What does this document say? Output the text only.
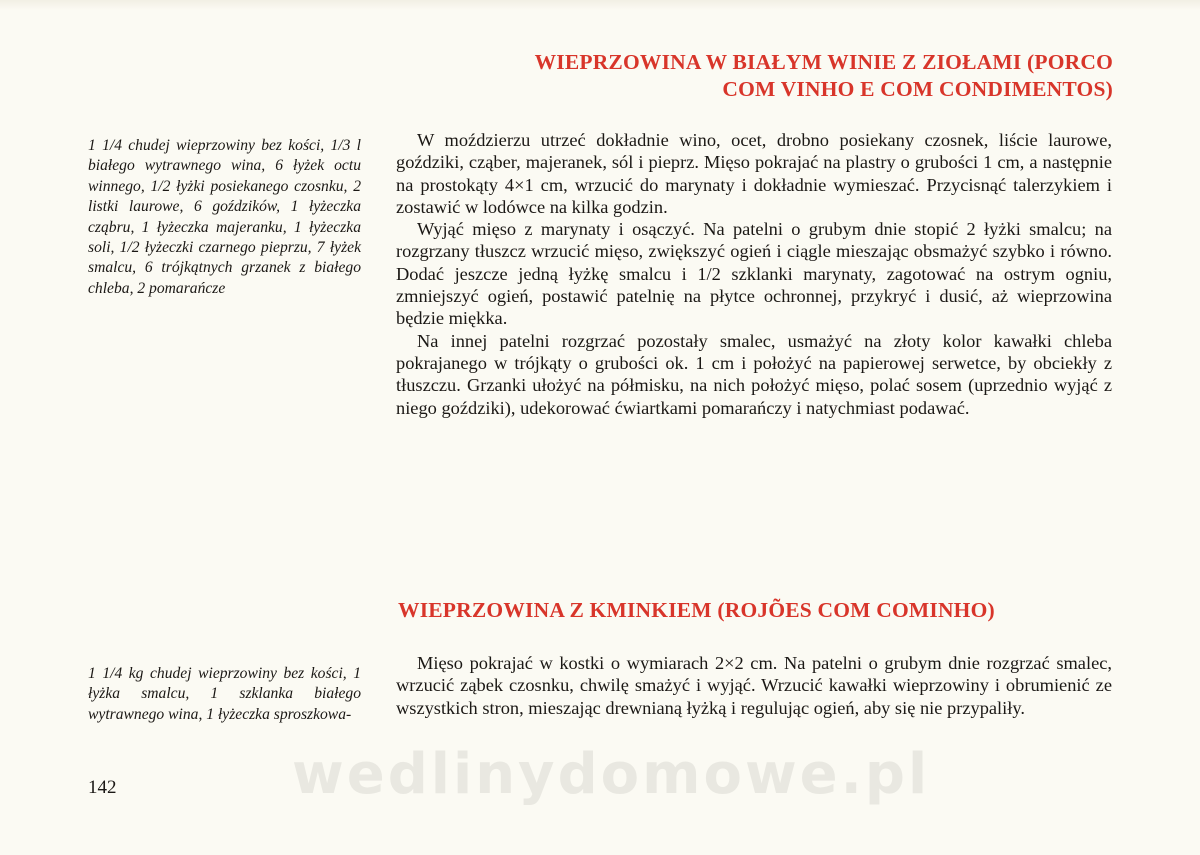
WIEPRZOWINA W BIAŁYM WINIE Z ZIOŁAMI (PORCO
COM VINHO E COM CONDIMENTOS)

1 1/4 chudej wieprzowiny bez kości, 1/3 l białego wytrawnego wina, 6 łyżek octu winnego, 1/2 łyżki posiekanego czosnku, 2 listki laurowe, 6 goździków, 1 łyżeczka cząbru, 1 łyżeczka majeranku, 1 łyżeczka soli, 1/2 łyżeczki czarnego pieprzu, 7 łyżek smalcu, 6 trójkątnych grzanek z białego chleba, 2 pomarańcze

W moździerzu utrzeć dokładnie wino, ocet, drobno posiekany czosnek, liście laurowe, goździki, cząber, majeranek, sól i pieprz. Mięso pokrajać na plastry o grubości 1 cm, a następnie na prostokąty 4×1 cm, wrzucić do marynaty i dokładnie wymieszać. Przycisnąć talerzykiem i zostawić w lodówce na kilka godzin.

Wyjąć mięso z marynaty i osączyć. Na patelni o grubym dnie stopić 2 łyżki smalcu; na rozgrzany tłuszcz wrzucić mięso, zwiększyć ogień i ciągle mieszając obsmażyć szybko i równo. Dodać jeszcze jedną łyżkę smalcu i 1/2 szklanki marynaty, zagotować na ostrym ogniu, zmniejszyć ogień, postawić patelnię na płytce ochronnej, przykryć i dusić, aż wieprzowina będzie miękka.

Na innej patelni rozgrzać pozostały smalec, usmażyć na złoty kolor kawałki chleba pokrajanego w trójkąty o grubości ok. 1 cm i położyć na papierowej serwetce, by obciekły z tłuszczu. Grzanki ułożyć na półmisku, na nich położyć mięso, polać sosem (uprzednio wyjąć z niego goździki), udekorować ćwiartkami pomarańczy i natychmiast podawać.

WIEPRZOWINA Z KMINKIEM (ROJÕES COM COMINHO)

1 1/4 kg chudej wieprzowiny bez kości, 1 łyżka smalcu, 1 szklanka białego wytrawnego wina, 1 łyżeczka sproszkowa-

Mięso pokrajać w kostki o wymiarach 2×2 cm. Na patelni o grubym dnie rozgrzać smalec, wrzucić ząbek czosnku, chwilę smażyć i wyjąć. Wrzucić kawałki wieprzowiny i obrumienić ze wszystkich stron, mieszając drewnianą łyżką i regulując ogień, aby się nie przypaliły.

142	wedlinydomowe.pl
